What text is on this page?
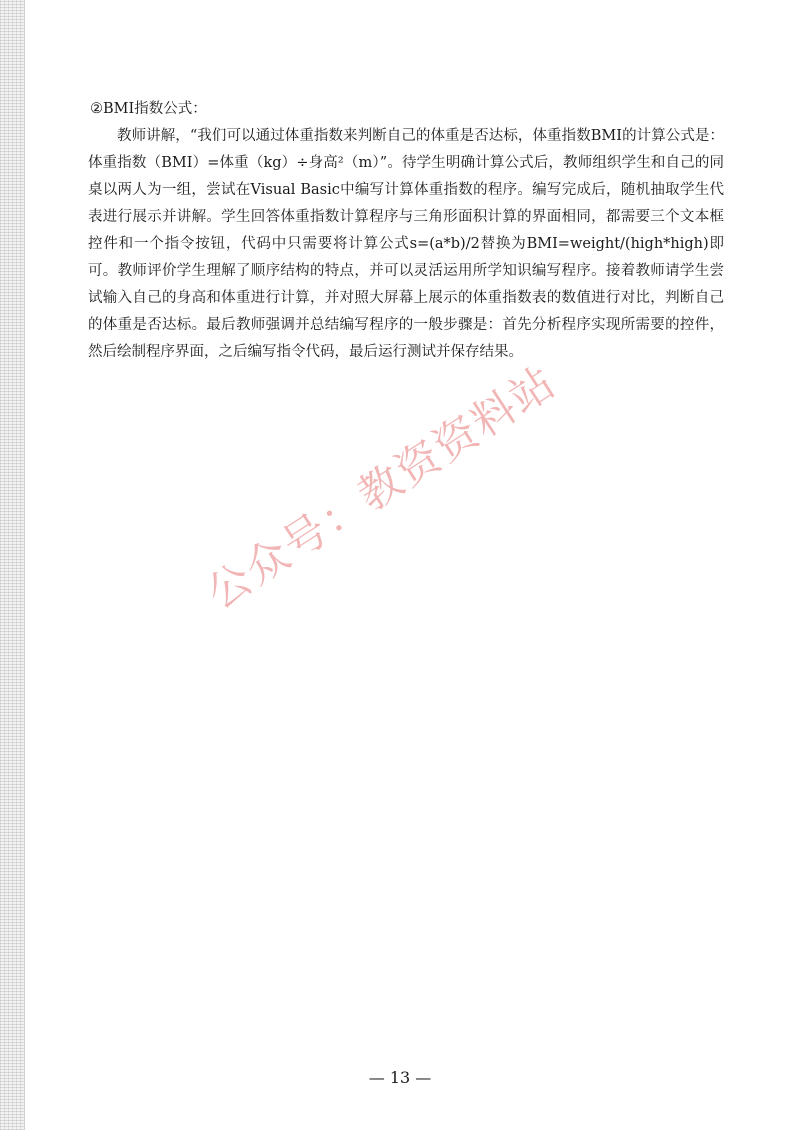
②BMI指数公式：

教师讲解，“我们可以通过体重指数来判断自己的体重是否达标，体重指数BMI的计算公式是：体重指数（BMI）=体重（kg）÷身高²（m）”。待学生明确计算公式后，教师组织学生和自己的同桌以两人为一组，尝试在Visual Basic中编写计算体重指数的程序。编写完成后，随机抽取学生代表进行展示并讲解。学生回答体重指数计算程序与三角形面积计算的界面相同，都需要三个文本框控件和一个指令按钮，代码中只需要将计算公式s=(a*b)/2替换为BMI=weight/(high*high)即可。教师评价学生理解了顺序结构的特点，并可以灵活运用所学知识编写程序。接着教师请学生尝试输入自己的身高和体重进行计算，并对照大屏幕上展示的体重指数表的数值进行对比，判断自己的体重是否达标。最后教师强调并总结编写程序的一般步骤是：首先分析程序实现所需要的控件，然后绘制程序界面，之后编写指令代码，最后运行测试并保存结果。

公众号：教资资料站
— 13 —
